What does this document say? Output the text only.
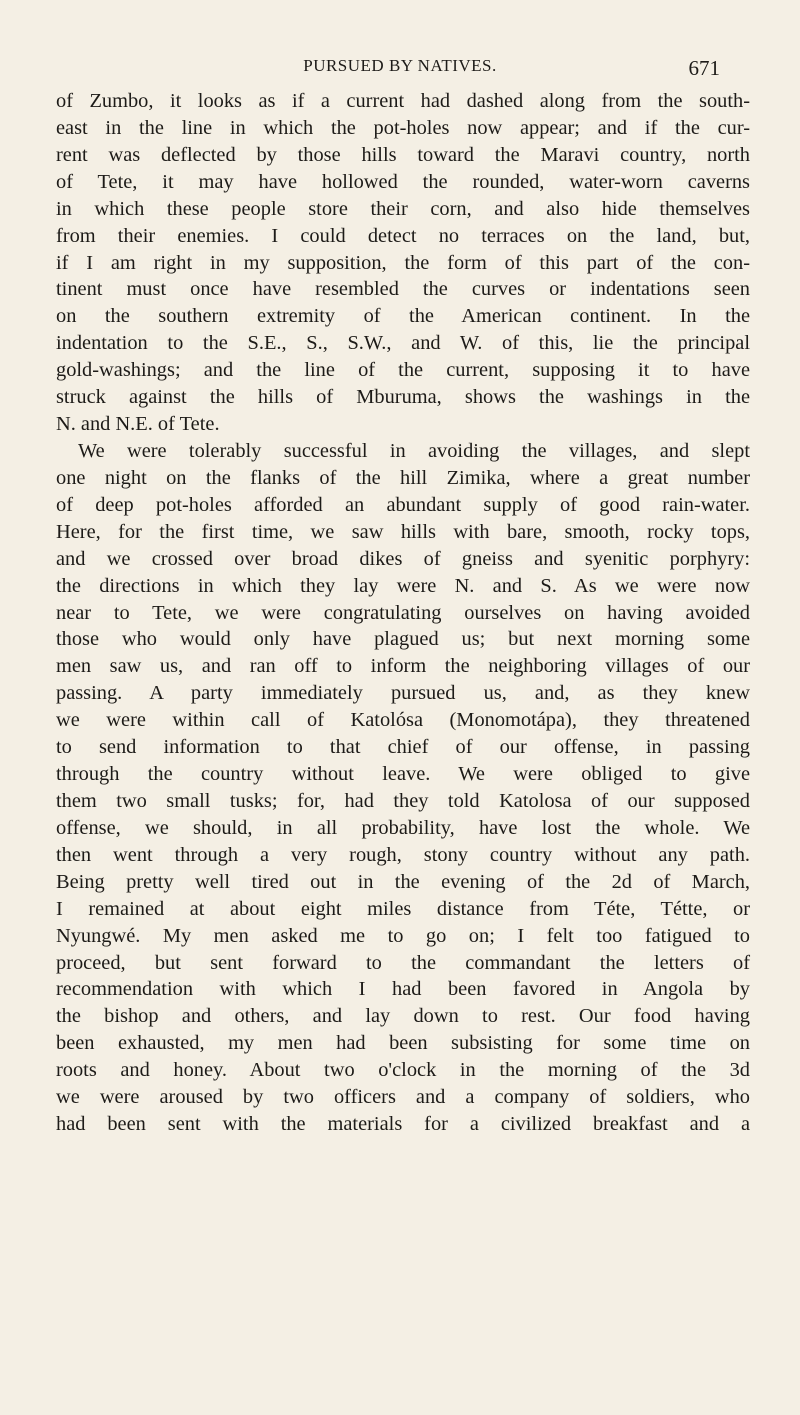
PURSUED BY NATIVES.	671
of Zumbo, it looks as if a current had dashed along from the south-
east in the line in which the pot-holes now appear; and if the cur-
rent was deflected by those hills toward the Maravi country, north
of Tete, it may have hollowed the rounded, water-worn caverns
in which these people store their corn, and also hide themselves
from their enemies. I could detect no terraces on the land, but,
if I am right in my supposition, the form of this part of the con-
tinent must once have resembled the curves or indentations seen
on the southern extremity of the American continent. In the
indentation to the S.E., S., S.W., and W. of this, lie the principal
gold-washings; and the line of the current, supposing it to have
struck against the hills of Mburuma, shows the washings in the
N. and N.E. of Tete.
We were tolerably successful in avoiding the villages, and slept
one night on the flanks of the hill Zimika, where a great number
of deep pot-holes afforded an abundant supply of good rain-water.
Here, for the first time, we saw hills with bare, smooth, rocky tops,
and we crossed over broad dikes of gneiss and syenitic porphyry:
the directions in which they lay were N. and S. As we were now
near to Tete, we were congratulating ourselves on having avoided
those who would only have plagued us; but next morning some
men saw us, and ran off to inform the neighboring villages of our
passing. A party immediately pursued us, and, as they knew
we were within call of Katolósa (Monomotápa), they threatened
to send information to that chief of our offense, in passing
through the country without leave. We were obliged to give
them two small tusks; for, had they told Katolosa of our supposed
offense, we should, in all probability, have lost the whole. We
then went through a very rough, stony country without any path.
Being pretty well tired out in the evening of the 2d of March,
I remained at about eight miles distance from Téte, Tétte, or
Nyungwé. My men asked me to go on; I felt too fatigued to
proceed, but sent forward to the commandant the letters of
recommendation with which I had been favored in Angola by
the bishop and others, and lay down to rest. Our food having
been exhausted, my men had been subsisting for some time on
roots and honey. About two o'clock in the morning of the 3d
we were aroused by two officers and a company of soldiers, who
had been sent with the materials for a civilized breakfast and a
